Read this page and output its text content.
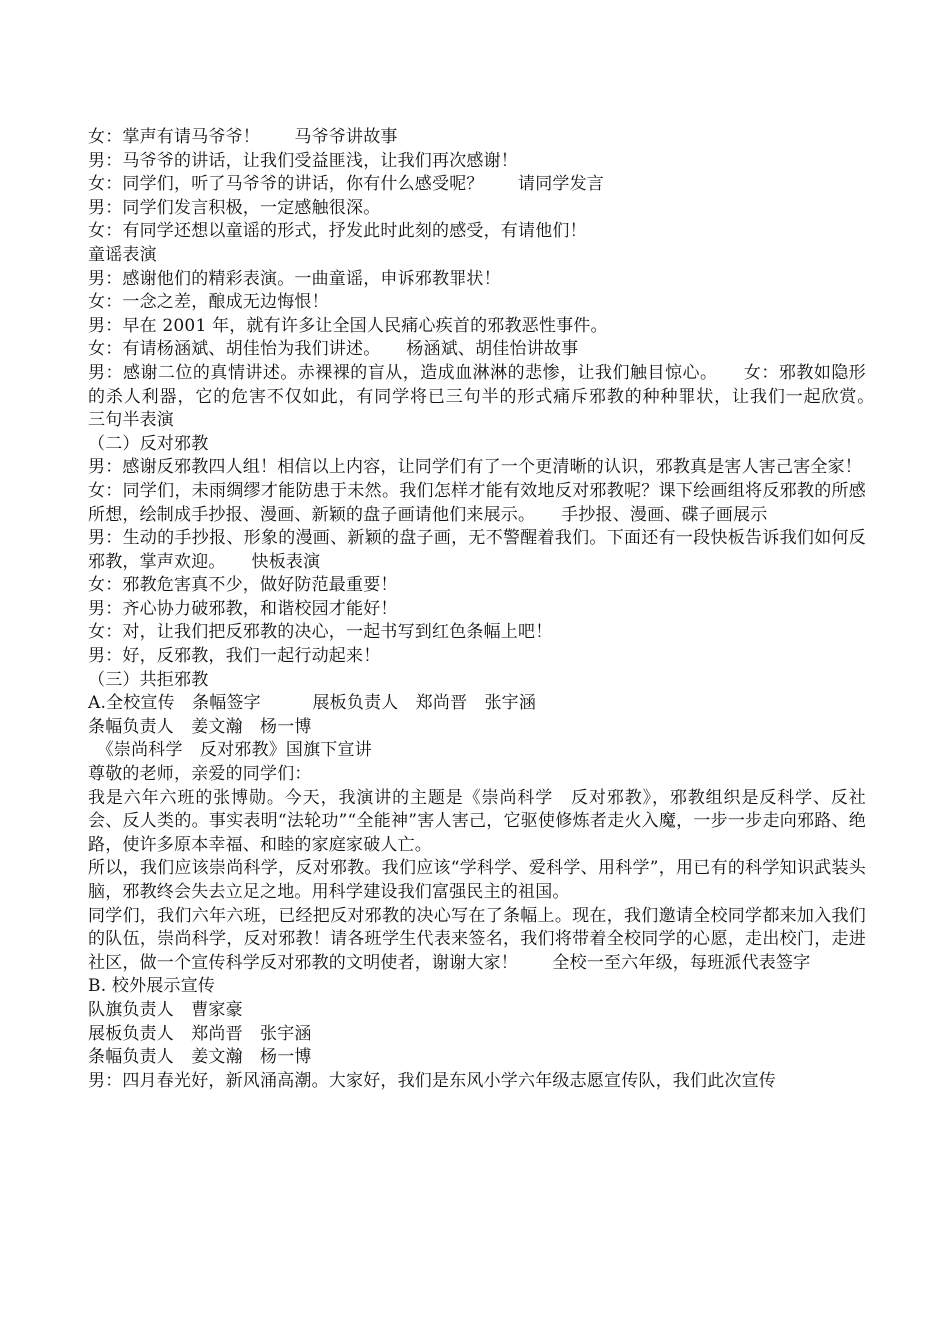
女：掌声有请马爷爷！　　马爷爷讲故事
男：马爷爷的讲话，让我们受益匪浅，让我们再次感谢！
女：同学们，听了马爷爷的讲话，你有什么感受呢？　　请同学发言
男：同学们发言积极，一定感触很深。
女：有同学还想以童谣的形式，抒发此时此刻的感受，有请他们！
童谣表演
男：感谢他们的精彩表演。一曲童谣，申诉邪教罪状！
女：一念之差，酿成无边悔恨！
男：早在 2001 年，就有许多让全国人民痛心疾首的邪教恶性事件。
女：有请杨涵斌、胡佳怡为我们讲述。　　杨涵斌、胡佳怡讲故事
男：感谢二位的真情讲述。赤裸裸的盲从，造成血淋淋的悲惨，让我们触目惊心。　　女：邪教如隐形的杀人利器，它的危害不仅如此，有同学将已三句半的形式痛斥邪教的种种罪状，让我们一起欣赏。　　三句半表演
（二）反对邪教
男：感谢反邪教四人组！相信以上内容，让同学们有了一个更清晰的认识，邪教真是害人害己害全家！
女：同学们，未雨绸缪才能防患于未然。我们怎样才能有效地反对邪教呢？课下绘画组将反邪教的所感所想，绘制成手抄报、漫画、新颖的盘子画请他们来展示。　　手抄报、漫画、碟子画展示
男：生动的手抄报、形象的漫画、新颖的盘子画，无不警醒着我们。下面还有一段快板告诉我们如何反邪教，掌声欢迎。　　快板表演
女：邪教危害真不少，做好防范最重要！
男：齐心协力破邪教，和谐校园才能好！
女：对，让我们把反邪教的决心，一起书写到红色条幅上吧！
男：好，反邪教，我们一起行动起来！
（三）共拒邪教
A.全校宣传　条幅签字　　　展板负责人　郑尚晋　张宇涵
条幅负责人　姜文瀚　杨一博
　《崇尚科学　反对邪教》国旗下宣讲
尊敬的老师，亲爱的同学们：
我是六年六班的张博勋。今天，我演讲的主题是《崇尚科学　反对邪教》，邪教组织是反科学、反社会、反人类的。事实表明“法轮功”“全能神”害人害己，它驱使修炼者走火入魔，一步一步走向邪路、绝路，使许多原本幸福、和睦的家庭家破人亡。
所以，我们应该崇尚科学，反对邪教。我们应该“学科学、爱科学、用科学”，用已有的科学知识武装头脑，邪教终会失去立足之地。用科学建设我们富强民主的祖国。
同学们，我们六年六班，已经把反对邪教的决心写在了条幅上。现在，我们邀请全校同学都来加入我们的队伍，崇尚科学，反对邪教！请各班学生代表来签名，我们将带着全校同学的心愿，走出校门，走进社区，做一个宣传科学反对邪教的文明使者，谢谢大家！　　全校一至六年级，每班派代表签字
B. 校外展示宣传
队旗负责人　曹家豪
展板负责人　郑尚晋　张宇涵
条幅负责人　姜文瀚　杨一博
男：四月春光好，新风涌高潮。大家好，我们是东风小学六年级志愿宣传队，我们此次宣传
